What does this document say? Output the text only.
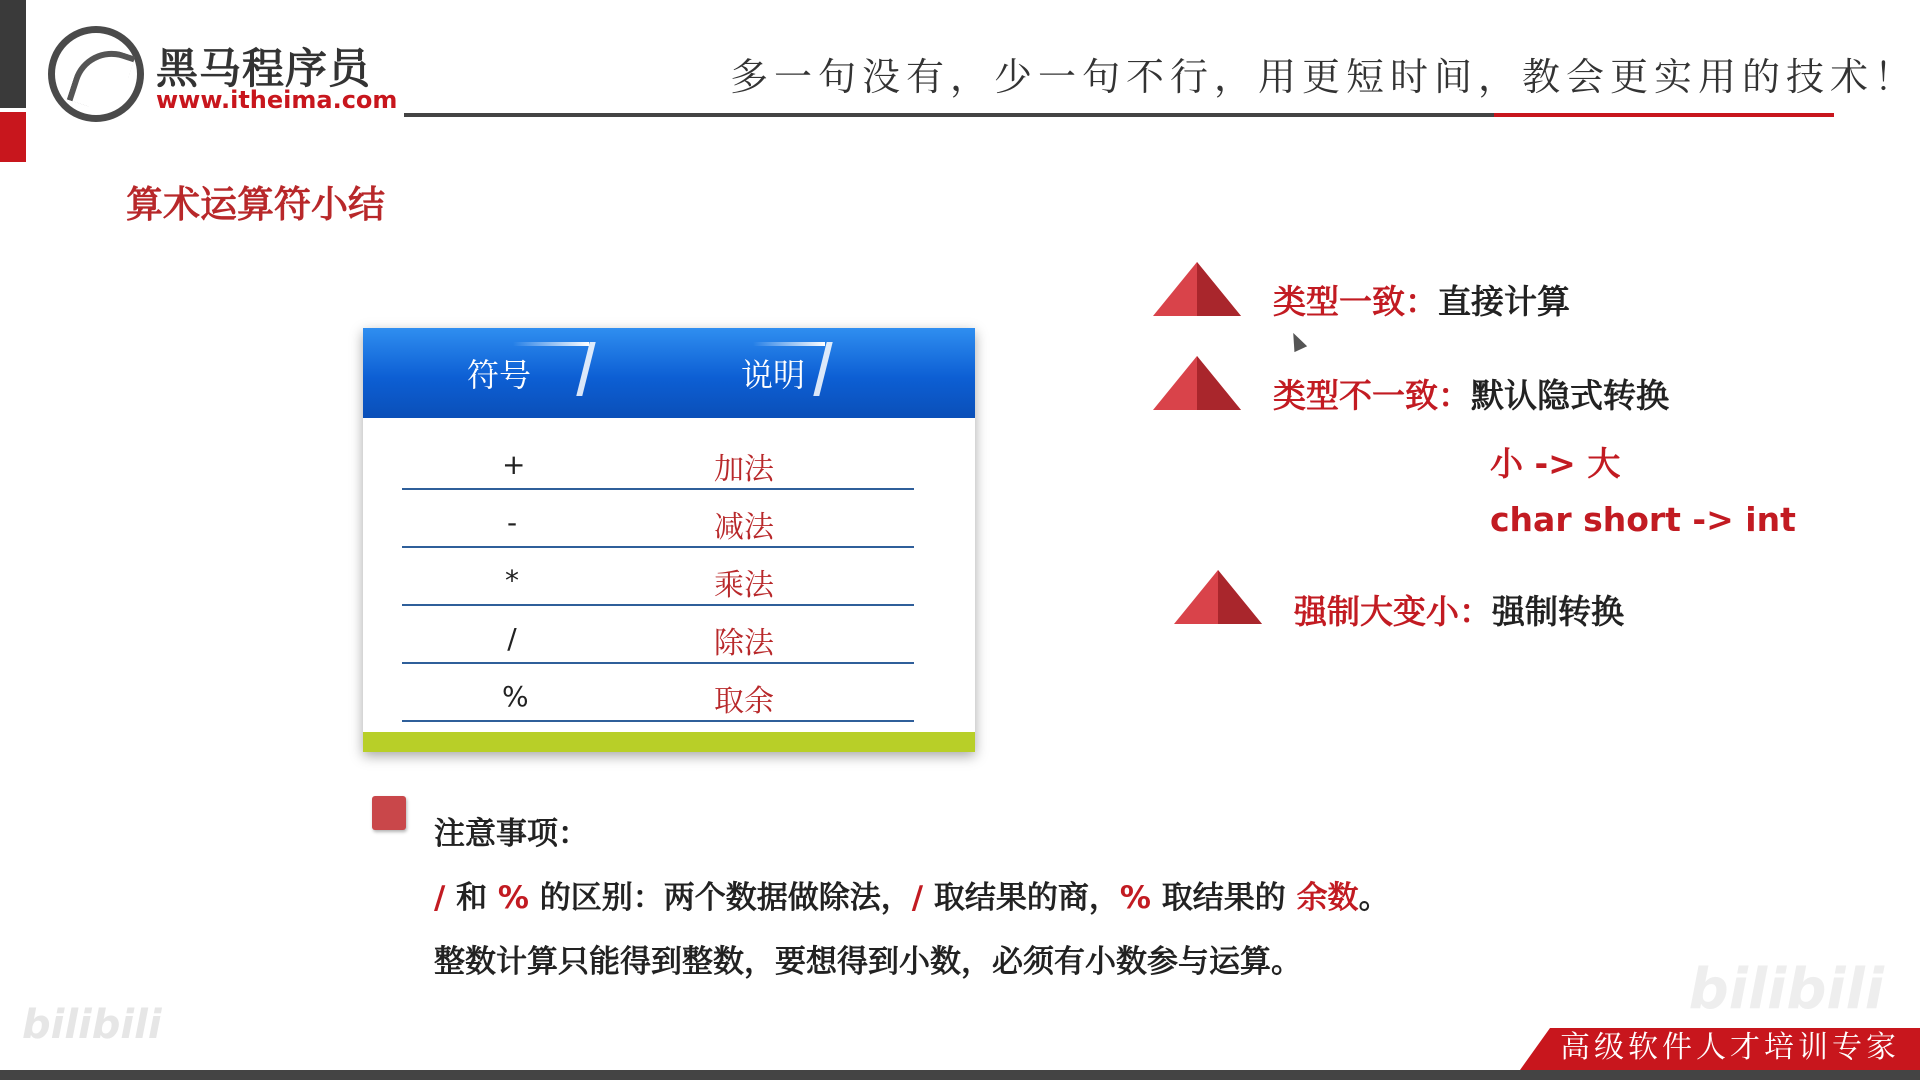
黑马程序员
www.itheima.com
多一句没有，少一句不行，用更短时间，教会更实用的技术！
算术运算符小结
符号	说明
+	加法
-	减法
*	乘法
/	除法
%	取余
类型一致：直接计算
类型不一致：默认隐式转换
小 -> 大
char short -> int
强制大变小：强制转换
注意事项：
/ 和 % 的区别：两个数据做除法，/ 取结果的商，% 取结果的 余数。
整数计算只能得到整数，要想得到小数，必须有小数参与运算。
bilibili
bilibili
高级软件人才培训专家
